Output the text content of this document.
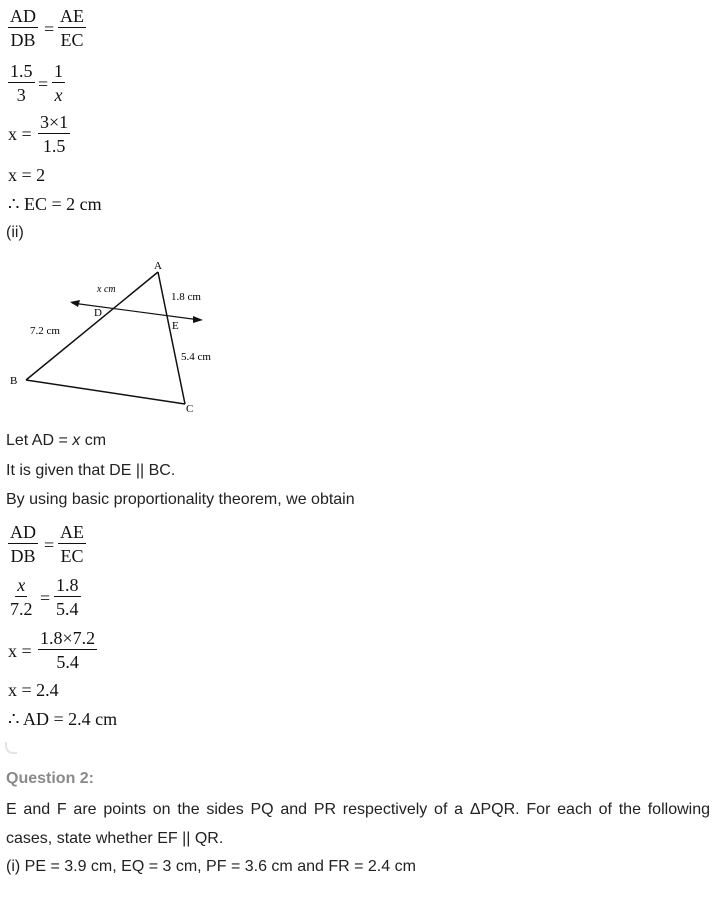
$\frac{AD}{DB} = \frac{AE}{EC}$
$\frac{1.5}{3} = \frac{1}{x}$
$x = \frac{3\times 1}{1.5}$
x = 2
∴ EC = 2 cm
(ii)
A
B
C
D
E
x cm
1.8 cm
7.2 cm
5.4 cm
Let AD = x cm
It is given that DE || BC.
By using basic proportionality theorem, we obtain
$\frac{AD}{DB} = \frac{AE}{EC}$
$\frac{x}{7.2} = \frac{1.8}{5.4}$
$x = \frac{1.8\times 7.2}{5.4}$
x = 2.4
∴ AD = 2.4 cm
Question 2:
E and F are points on the sides PQ and PR respectively of a ΔPQR. For each of the following cases, state whether EF || QR.
(i) PE = 3.9 cm, EQ = 3 cm, PF = 3.6 cm and FR = 2.4 cm
